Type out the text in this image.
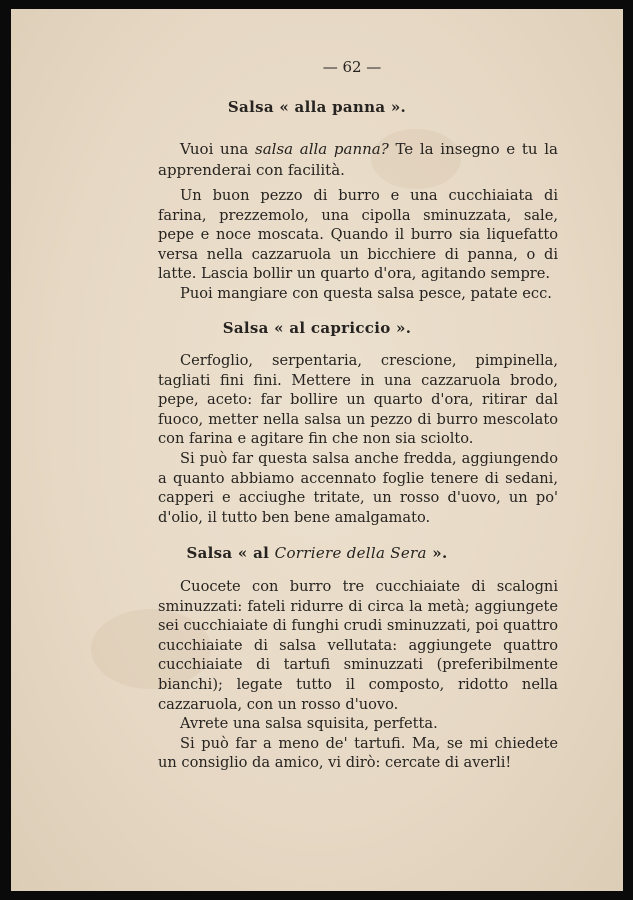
— 62 —
Salsa « alla panna ».

Vuoi una salsa alla panna? Te la insegno e tu la apprenderai con facilità.

Un buon pezzo di burro e una cucchiaiata di farina, prezzemolo, una cipolla sminuzzata, sale, pepe e noce moscata. Quando il burro sia liquefatto versa nella cazzaruola un bicchiere di panna, o di latte. Lascia bollir un quarto d'ora, agitando sempre.

Puoi mangiare con questa salsa pesce, patate ecc.

Salsa « al capriccio ».

Cerfoglio, serpentaria, crescione, pimpinella, tagliati fini fini. Mettere in una cazzaruola brodo, pepe, aceto: far bollire un quarto d'ora, ritirar dal fuoco, metter nella salsa un pezzo di burro mescolato con farina e agitare fin che non sia sciolto.

Si può far questa salsa anche fredda, aggiungendo a quanto abbiamo accennato foglie tenere di sedani, capperi e acciughe tritate, un rosso d'uovo, un po' d'olio, il tutto ben bene amalgamato.

Salsa « al Corriere della Sera ».

Cuocete con burro tre cucchiaiate di scalogni sminuzzati: fateli ridurre di circa la metà; aggiungete sei cucchiaiate di funghi crudi sminuzzati, poi quattro cucchiaiate di salsa vellutata: aggiungete quattro cucchiaiate di tartufi sminuzzati (preferibilmente bianchi); legate tutto il composto, ridotto nella cazzaruola, con un rosso d'uovo.

Avrete una salsa squisita, perfetta.

Si può far a meno de' tartufi. Ma, se mi chiedete un consiglio da amico, vi dirò: cercate di averli!
